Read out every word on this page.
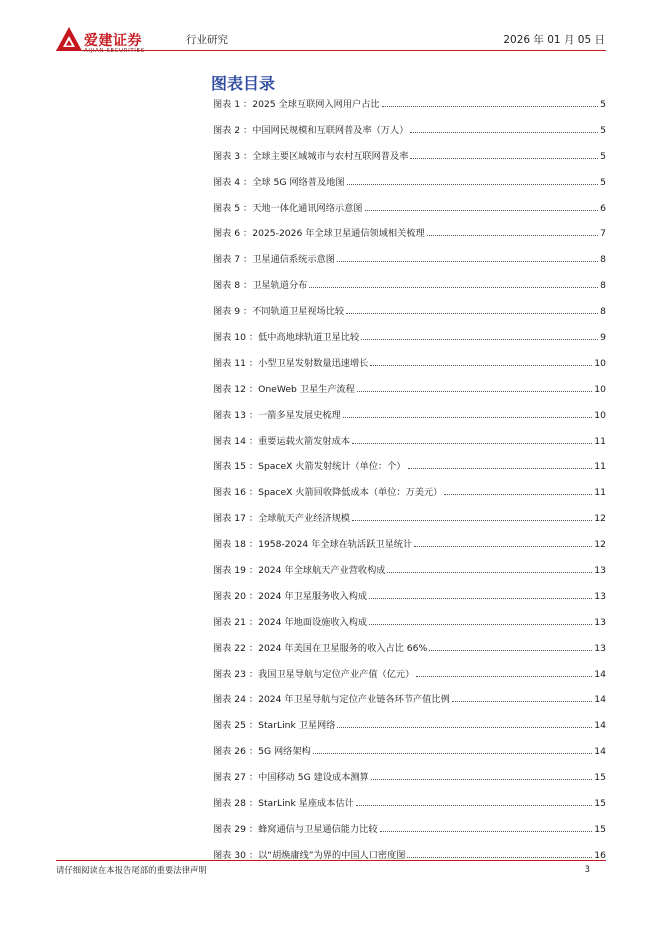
爱建证券
AIJIAN SECURITIES
行业研究	2026 年 01 月 05 日
图表目录
图表 1 ： 2025 全球互联网入网用户占比	5
图表 2 ： 中国网民规模和互联网普及率（万人）	5
图表 3 ： 全球主要区域城市与农村互联网普及率	5
图表 4 ： 全球 5G 网络普及地图	5
图表 5 ： 天地一体化通讯网络示意图	6
图表 6 ： 2025-2026 年全球卫星通信领域相关梳理	7
图表 7 ： 卫星通信系统示意图	8
图表 8 ： 卫星轨道分布	8
图表 9 ： 不同轨道卫星视场比较	8
图表 10 ： 低中高地球轨道卫星比较	9
图表 11 ： 小型卫星发射数量迅速增长	10
图表 12 ： OneWeb 卫星生产流程	10
图表 13 ： 一箭多星发展史梳理	10
图表 14 ： 重要运载火箭发射成本	11
图表 15 ： SpaceX 火箭发射统计（单位：个）	11
图表 16 ： SpaceX 火箭回收降低成本（单位：万美元）	11
图表 17 ： 全球航天产业经济规模	12
图表 18 ： 1958-2024 年全球在轨活跃卫星统计	12
图表 19 ： 2024 年全球航天产业营收构成	13
图表 20 ： 2024 年卫星服务收入构成	13
图表 21 ： 2024 年地面设施收入构成	13
图表 22 ： 2024 年美国在卫星服务的收入占比 66%	13
图表 23 ： 我国卫星导航与定位产业产值（亿元）	14
图表 24 ： 2024 年卫星导航与定位产业链各环节产值比例	14
图表 25 ： StarLink 卫星网络	14
图表 26 ： 5G 网络架构	14
图表 27 ： 中国移动 5G 建设成本测算	15
图表 28 ： StarLink 星座成本估计	15
图表 29 ： 蜂窝通信与卫星通信能力比较	15
图表 30 ： 以“胡焕庸线”为界的中国人口密度图	16
请仔细阅读在本报告尾部的重要法律声明	3
